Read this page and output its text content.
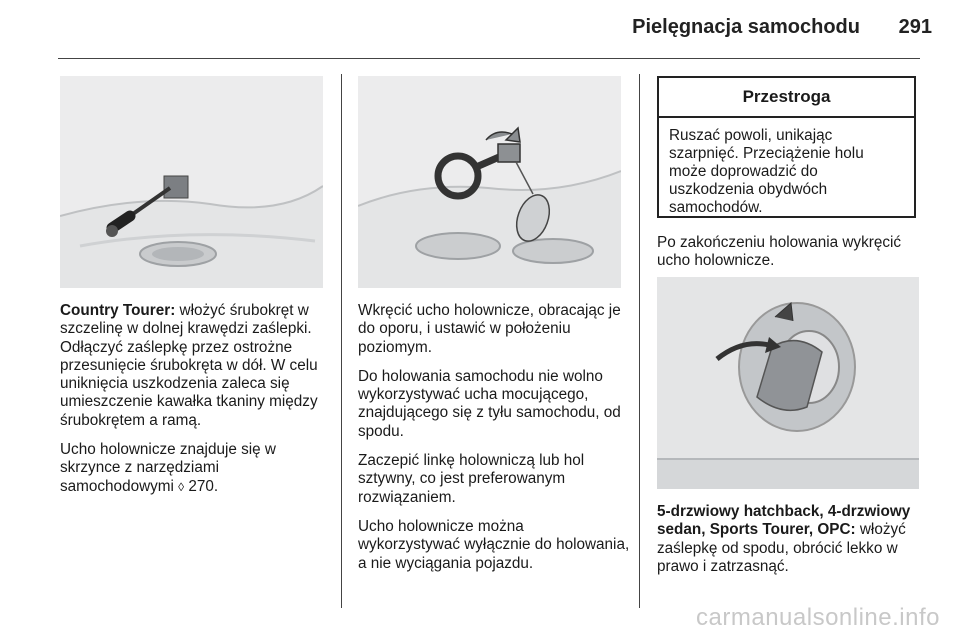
Pielęgnacja samochodu	291

Country Tourer: włożyć śrubokręt w szczelinę w dolnej krawędzi zaślepki. Odłączyć zaślepkę przez ostrożne przesunięcie śrubokręta w dół. W celu uniknięcia uszkodzenia zaleca się umieszczenie kawałka tkaniny między śrubokrętem a ramą.

Ucho holownicze znajduje się w skrzynce z narzędziami samochodowymi ◊ 270.

Wkręcić ucho holownicze, obracając je do oporu, i ustawić w położeniu poziomym.

Do holowania samochodu nie wolno wykorzystywać ucha mocującego, znajdującego się z tyłu samochodu, od spodu.

Zaczepić linkę holowniczą lub hol sztywny, co jest preferowanym rozwiązaniem.

Ucho holownicze można wykorzystywać wyłącznie do holowania, a nie wyciągania pojazdu.

Przestroga
Ruszać powoli, unikając szarpnięć. Przeciążenie holu może doprowadzić do uszkodzenia obydwóch samochodów.

Po zakończeniu holowania wykręcić ucho holownicze.

5-drzwiowy hatchback, 4-drzwiowy sedan, Sports Tourer, OPC: włożyć zaślepkę od spodu, obrócić lekko w prawo i zatrzasnąć.

carmanualsonline.info
